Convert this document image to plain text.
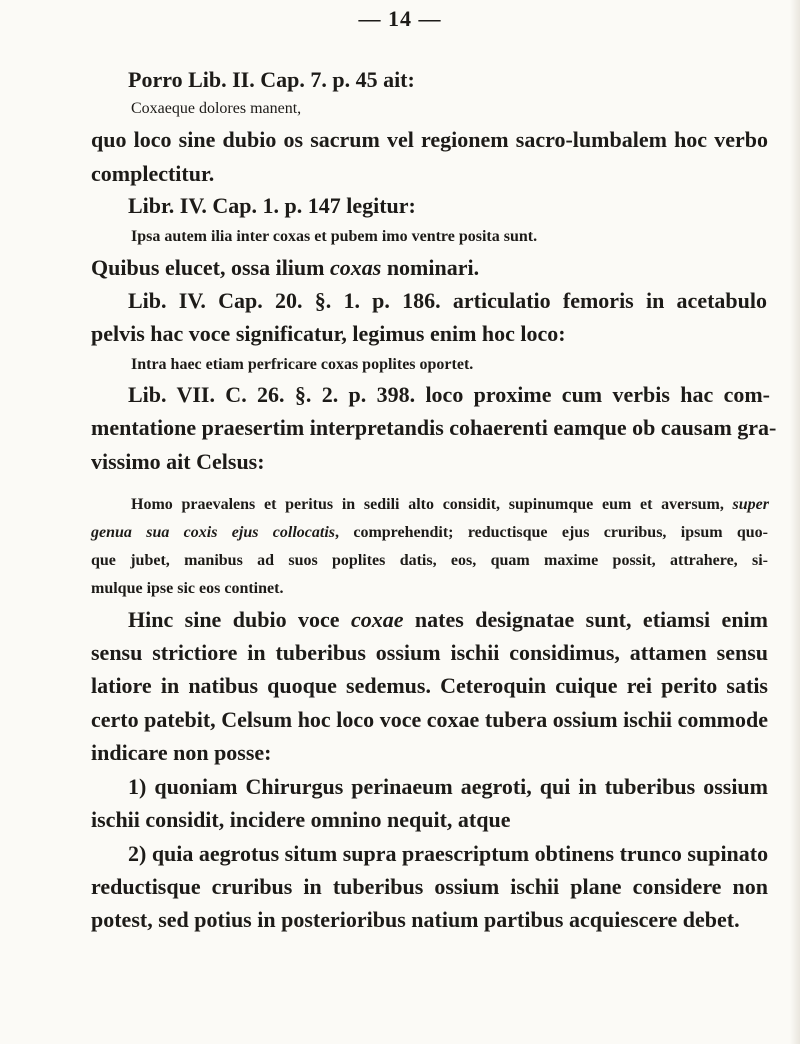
— 14 —

Porro Lib. II. Cap. 7. p. 45 ait:

Coxaeque dolores manent,

quo loco sine dubio os sacrum vel regionem sacro-lumbalem hoc verbo

complectitur.

Libr. IV. Cap. 1. p. 147 legitur:

Ipsa autem ilia inter coxas et pubem imo ventre posita sunt.

Quibus elucet, ossa ilium coxas nominari.

Lib. IV. Cap. 20. §. 1. p. 186. articulatio femoris in acetabulo

pelvis hac voce significatur, legimus enim hoc loco:

Intra haec etiam perfricare coxas poplites oportet.

Lib. VII. C. 26. §. 2. p. 398. loco proxime cum verbis hac com-

mentatione praesertim interpretandis cohaerenti eamque ob causam gra-

vissimo ait Celsus:

Homo praevalens et peritus in sedili alto considit, supinumque eum et aversum, super

genua sua coxis ejus collocatis, comprehendit; reductisque ejus cruribus, ipsum quo-

que jubet, manibus ad suos poplites datis, eos, quam maxime possit, attrahere, si-

mulque ipse sic eos continet.

Hinc sine dubio voce coxae nates designatae sunt, etiamsi enim

sensu strictiore in tuberibus ossium ischii considimus, attamen sensu

latiore in natibus quoque sedemus. Ceteroquin cuique rei perito satis

certo patebit, Celsum hoc loco voce coxae tubera ossium ischii commode

indicare non posse:

1) quoniam Chirurgus perinaeum aegroti, qui in tuberibus ossium

ischii considit, incidere omnino nequit, atque

2) quia aegrotus situm supra praescriptum obtinens trunco supinato

reductisque cruribus in tuberibus ossium ischii plane considere non

potest, sed potius in posterioribus natium partibus acquiescere debet.
